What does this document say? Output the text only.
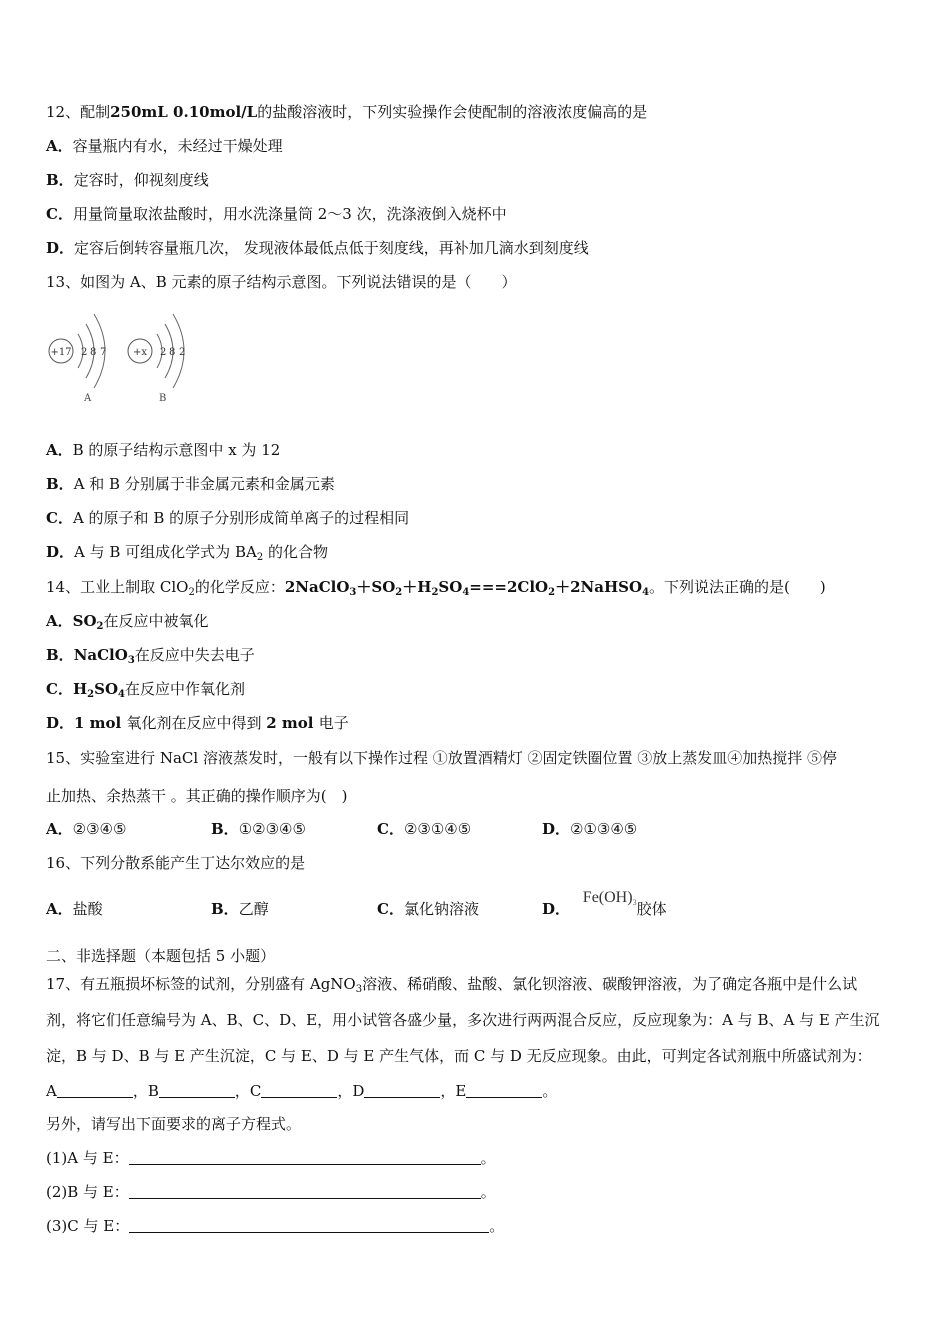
12、配制250mL 0.10mol/L的盐酸溶液时，下列实验操作会使配制的溶液浓度偏高的是
A．容量瓶内有水，未经过干燥处理
B．定容时，仰视刻度线
C．用量筒量取浓盐酸时，用水洗涤量筒 2～3 次，洗涤液倒入烧杯中
D．定容后倒转容量瓶几次， 发现液体最低点低于刻度线，再补加几滴水到刻度线
13、如图为 A、B 元素的原子结构示意图。下列说法错误的是（　　）
+17 2 8 7
A
+x 2 8 2
B
A．B 的原子结构示意图中 x 为 12
B．A 和 B 分别属于非金属元素和金属元素
C．A 的原子和 B 的原子分别形成简单离子的过程相同
D．A 与 B 可组成化学式为 $BA_2$ 的化合物
14、工业上制取 ClO$_2$的化学反应：$2NaClO_3+SO_2+H_2SO_4===2ClO_2+2NaHSO_4$。下列说法正确的是(　　)
A．$SO_2$在反应中被氧化
B．NaClO$_3$在反应中失去电子
C．$H_2SO_4$在反应中作氧化剂
D．1 mol 氧化剂在反应中得到 2 mol 电子
15、实验室进行 NaCl 溶液蒸发时，一般有以下操作过程 ①放置酒精灯 ②固定铁圈位置 ③放上蒸发皿④加热搅拌 ⑤停
止加热、余热蒸干 。其正确的操作顺序为(　)
A．②③④⑤	B．①②③④⑤	C．②③①④⑤	D．②①③④⑤
16、下列分散系能产生丁达尔效应的是
A．盐酸	B．乙醇	C．氯化钠溶液	D． $Fe(OH)_3$胶体
二、非选择题（本题包括 5 小题）
17、有五瓶损坏标签的试剂，分别盛有 AgNO$_3$溶液、稀硝酸、盐酸、氯化钡溶液、碳酸钾溶液，为了确定各瓶中是什么试
剂，将它们任意编号为 A、B、C、D、E，用小试管各盛少量，多次进行两两混合反应，反应现象为：A 与 B、A 与 E 产生沉
淀，B 与 D、B 与 E 产生沉淀，C 与 E、D 与 E 产生气体，而 C 与 D 无反应现象。由此，可判定各试剂瓶中所盛试剂为：
A	，B	，C	，D	，E	。
另外，请写出下面要求的离子方程式。
(1)A 与 E：	。
(2)B 与 E：	。
(3)C 与 E：	。
